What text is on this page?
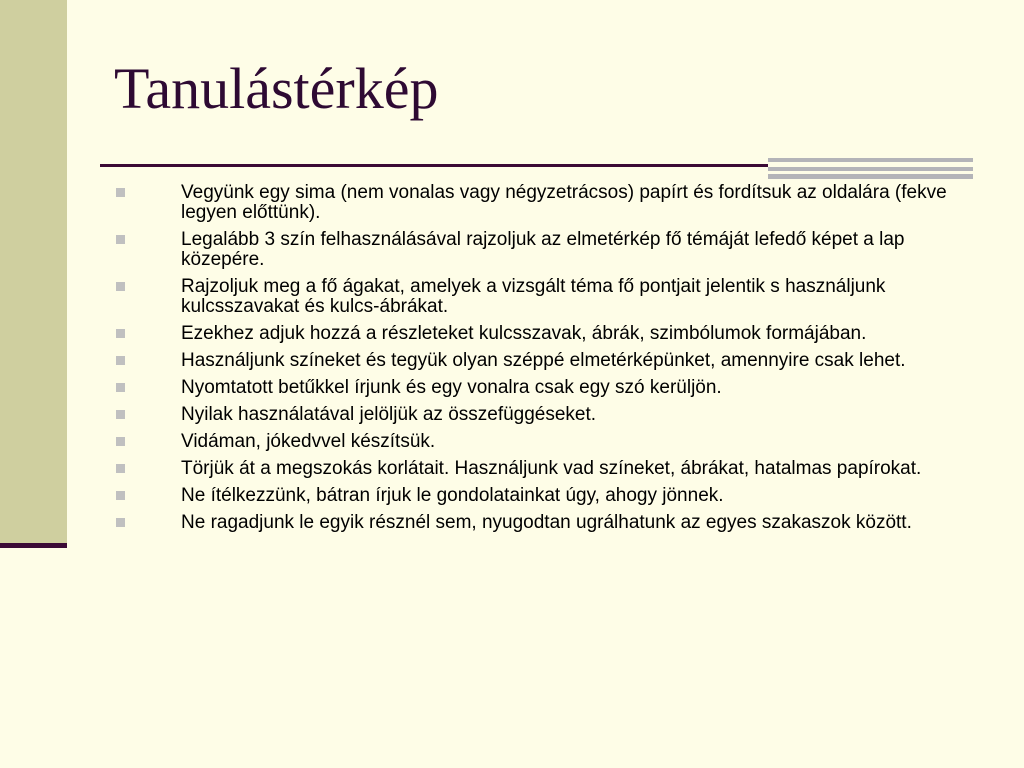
Tanulástérkép
Vegyünk egy sima (nem vonalas vagy négyzetrácsos) papírt és fordítsuk az oldalára (fekve legyen előttünk).
Legalább 3 szín felhasználásával rajzoljuk az elmetérkép fő témáját lefedő képet a lap közepére.
Rajzoljuk meg a fő ágakat, amelyek a vizsgált téma fő pontjait jelentik s használjunk kulcsszavakat és kulcs-ábrákat.
Ezekhez adjuk hozzá a részleteket kulcsszavak, ábrák, szimbólumok formájában.
Használjunk színeket és tegyük olyan széppé elmetérképünket, amennyire csak lehet.
Nyomtatott betűkkel írjunk és egy vonalra csak egy szó kerüljön.
Nyilak használatával jelöljük az összefüggéseket.
Vidáman, jókedvvel készítsük.
Törjük át a megszokás korlátait. Használjunk vad színeket, ábrákat, hatalmas papírokat.
Ne ítélkezzünk, bátran írjuk le gondolatainkat úgy, ahogy jönnek.
Ne ragadjunk le egyik résznél sem, nyugodtan ugrálhatunk az egyes szakaszok között.
